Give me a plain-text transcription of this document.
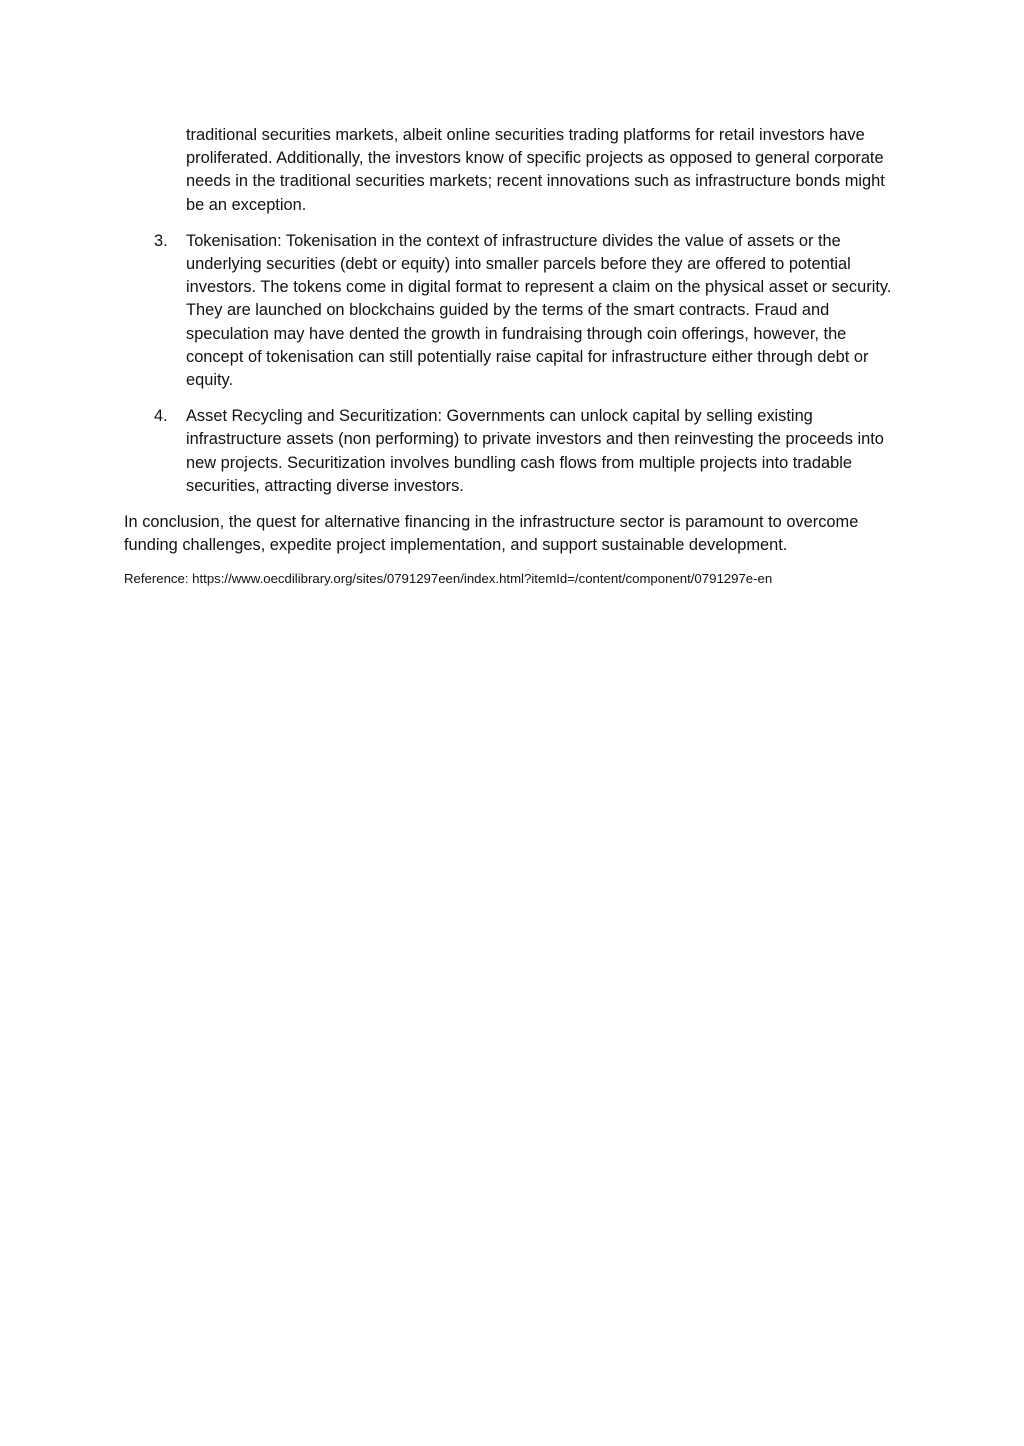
traditional securities markets, albeit online securities trading platforms for retail investors have proliferated. Additionally, the investors know of specific projects as opposed to general corporate needs in the traditional securities markets; recent innovations such as infrastructure bonds might be an exception.
3.	Tokenisation: Tokenisation in the context of infrastructure divides the value of assets or the underlying securities (debt or equity) into smaller parcels before they are offered to potential investors. The tokens come in digital format to represent a claim on the physical asset or security. They are launched on blockchains guided by the terms of the smart contracts. Fraud and speculation may have dented the growth in fundraising through coin offerings, however, the concept of tokenisation can still potentially raise capital for infrastructure either through debt or equity.
4.	Asset Recycling and Securitization: Governments can unlock capital by selling existing infrastructure assets (non performing) to private investors and then reinvesting the proceeds into new projects. Securitization involves bundling cash flows from multiple projects into tradable securities, attracting diverse investors.

In conclusion, the quest for alternative financing in the infrastructure sector is paramount to overcome funding challenges, expedite project implementation, and support sustainable development.

Reference: https://www.oecdilibrary.org/sites/0791297een/index.html?itemId=/content/component/0791297e-en
